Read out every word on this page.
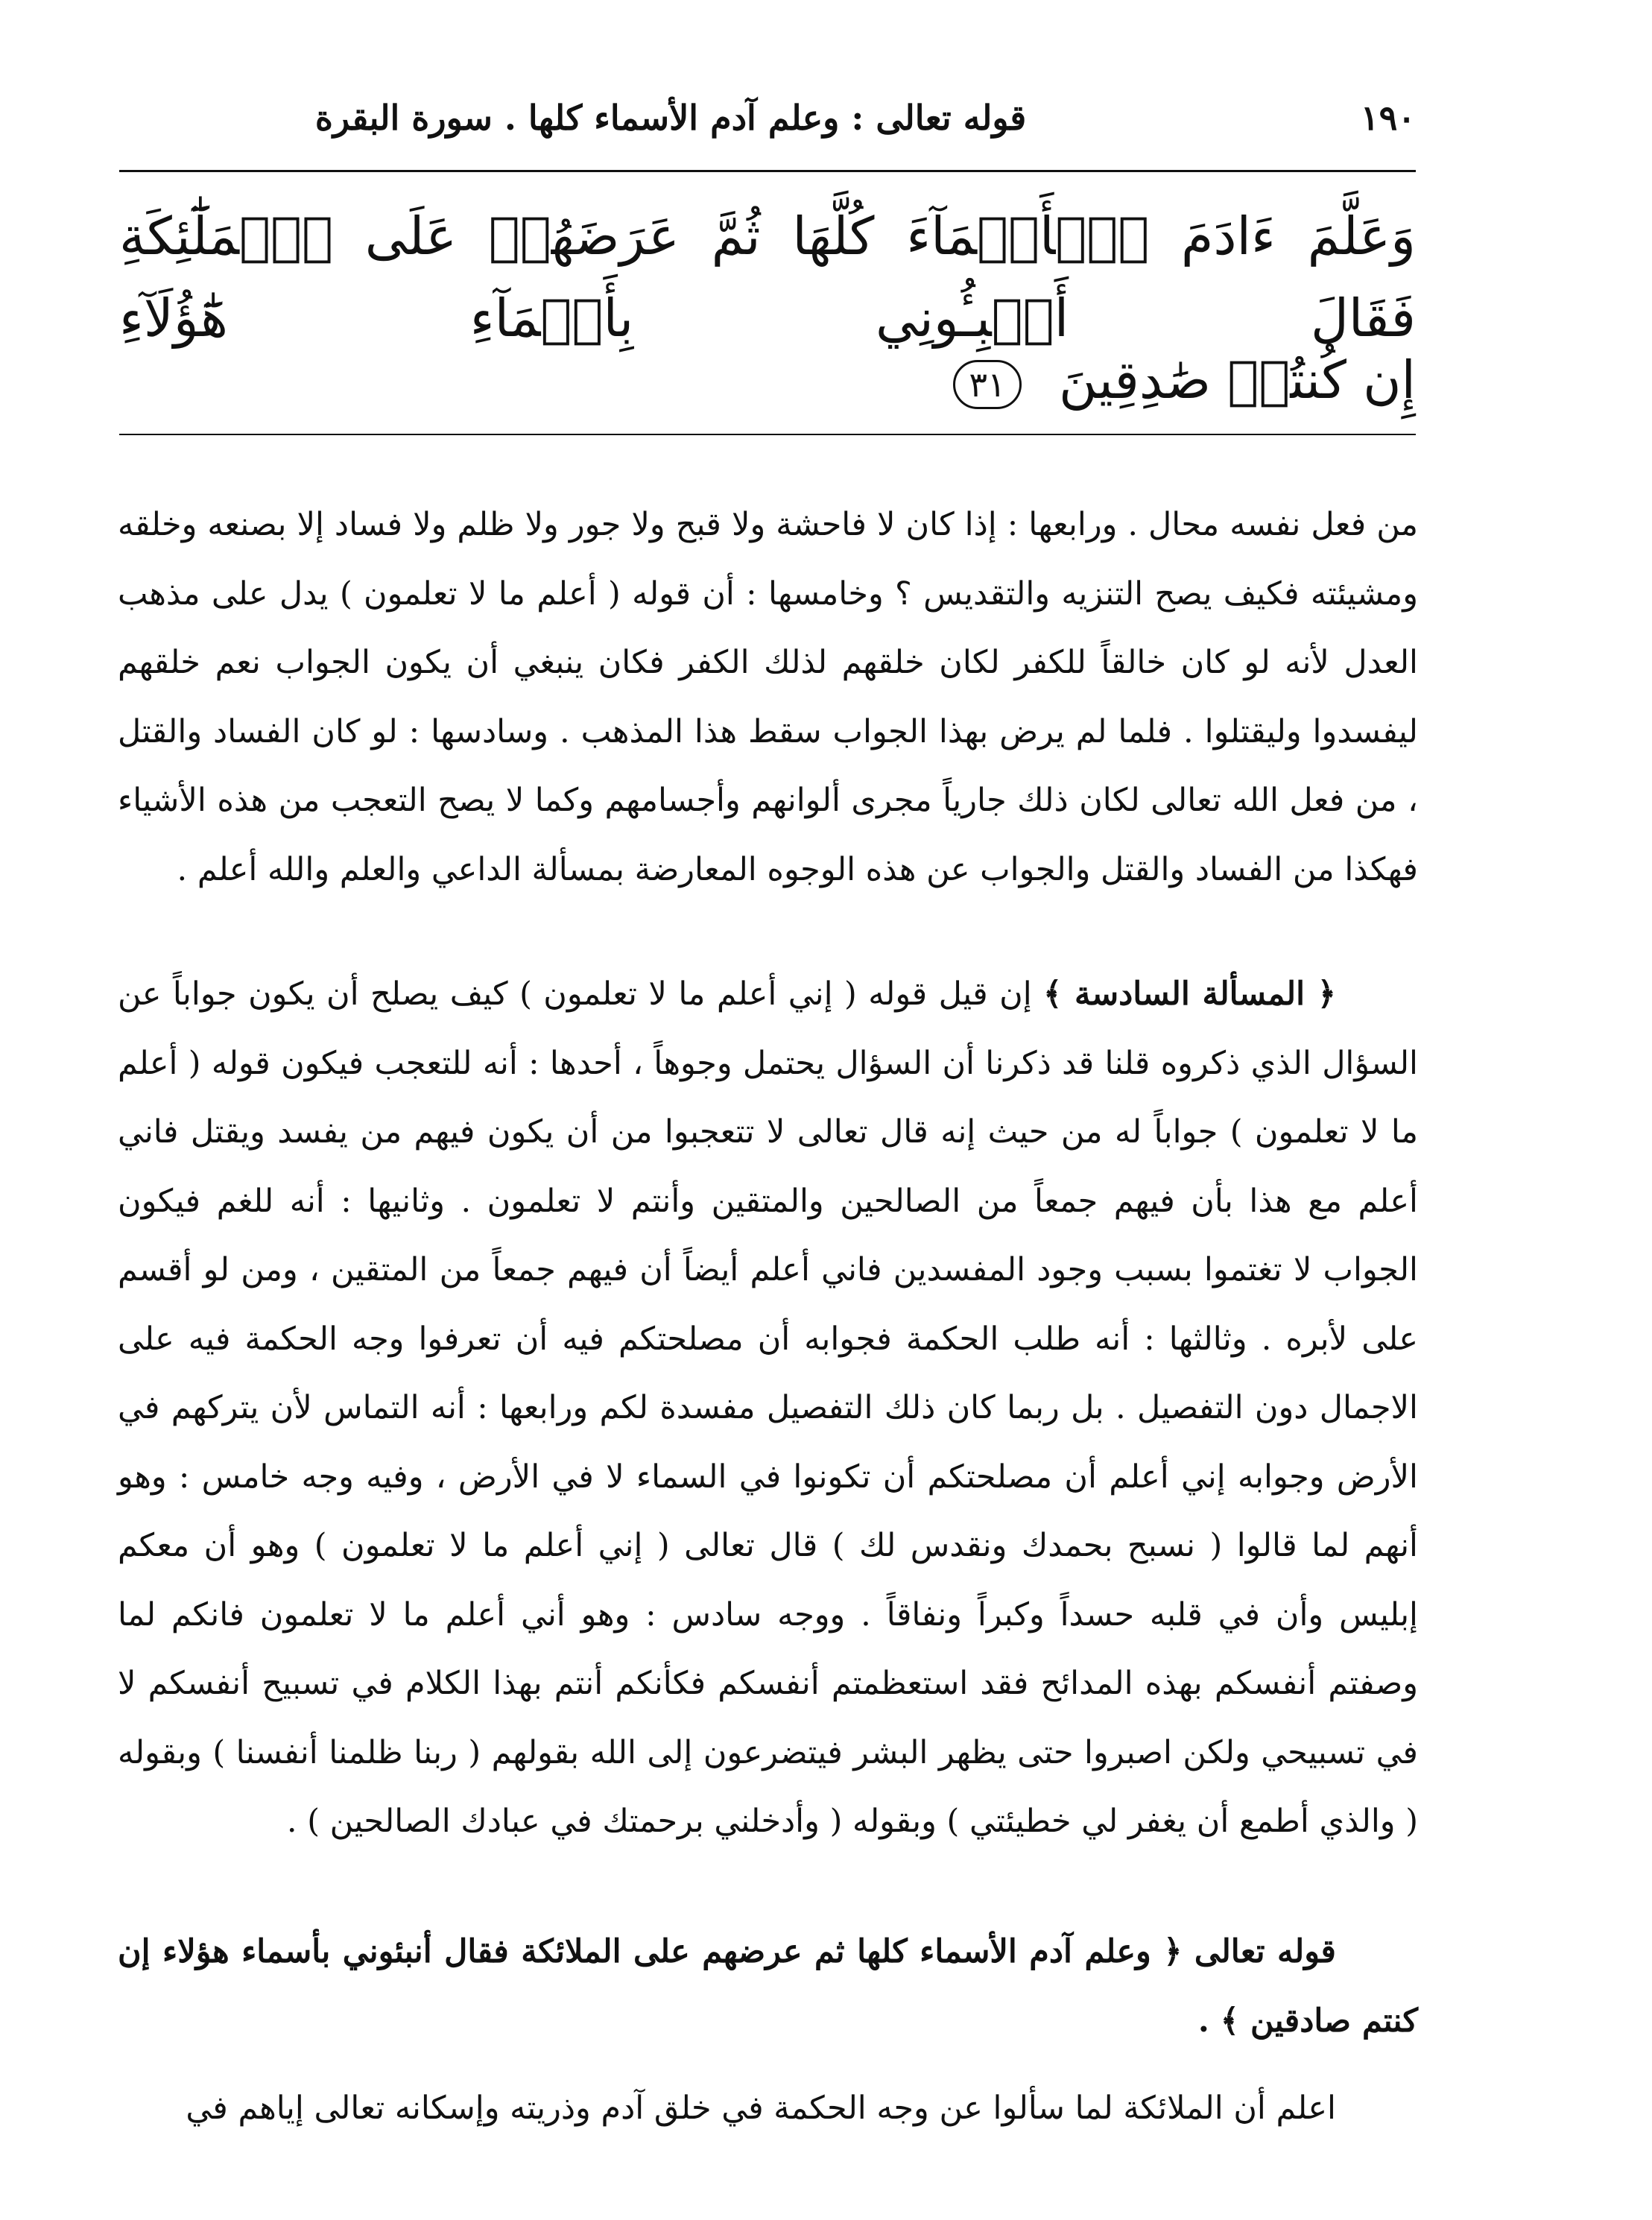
١٩٠
قوله تعالى : وعلم آدم الأسماء كلها . سورة البقرة
وَعَلَّمَ ءَادَمَ ٱلۡأَسۡمَآءَ كُلَّهَا ثُمَّ عَرَضَهُمۡ عَلَى ٱلۡمَلَٰٓئِكَةِ فَقَالَ أَنۢبِـُٔونِي بِأَسۡمَآءِ هَٰٓؤُلَآءِ
إِن كُنتُمۡ صَٰدِقِينَ ٣١

من فعل نفسه محال . ورابعها : إذا كان لا فاحشة ولا قبح ولا جور ولا ظلم ولا فساد إلا بصنعه وخلقه ومشيئته فكيف يصح التنزيه والتقديس ؟ وخامسها : أن قوله ( أعلم ما لا تعلمون ) يدل على مذهب العدل لأنه لو كان خالقاً للكفر لكان خلقهم لذلك الكفر فكان ينبغي أن يكون الجواب نعم خلقهم ليفسدوا وليقتلوا . فلما لم يرض بهذا الجواب سقط هذا المذهب . وسادسها : لو كان الفساد والقتل ، من فعل الله تعالى لكان ذلك جارياً مجرى ألوانهم وأجسامهم وكما لا يصح التعجب من هذه الأشياء فهكذا من الفساد والقتل والجواب عن هذه الوجوه المعارضة بمسألة الداعي والعلم والله أعلم .

﴿ المسألة السادسة ﴾ إن قيل قوله ( إني أعلم ما لا تعلمون ) كيف يصلح أن يكون جواباً عن السؤال الذي ذكروه قلنا قد ذكرنا أن السؤال يحتمل وجوهاً ، أحدها : أنه للتعجب فيكون قوله ( أعلم ما لا تعلمون ) جواباً له من حيث إنه قال تعالى لا تتعجبوا من أن يكون فيهم من يفسد ويقتل فاني أعلم مع هذا بأن فيهم جمعاً من الصالحين والمتقين وأنتم لا تعلمون . وثانيها : أنه للغم فيكون الجواب لا تغتموا بسبب وجود المفسدين فاني أعلم أيضاً أن فيهم جمعاً من المتقين ، ومن لو أقسم على لأبره . وثالثها : أنه طلب الحكمة فجوابه أن مصلحتكم فيه أن تعرفوا وجه الحكمة فيه على الاجمال دون التفصيل . بل ربما كان ذلك التفصيل مفسدة لكم ورابعها : أنه التماس لأن يتركهم في الأرض وجوابه إني أعلم أن مصلحتكم أن تكونوا في السماء لا في الأرض ، وفيه وجه خامس : وهو أنهم لما قالوا ( نسبح بحمدك ونقدس لك ) قال تعالى ( إني أعلم ما لا تعلمون ) وهو أن معكم إبليس وأن في قلبه حسداً وكبراً ونفاقاً . ووجه سادس : وهو أني أعلم ما لا تعلمون فانكم لما وصفتم أنفسكم بهذه المدائح فقد استعظمتم أنفسكم فكأنكم أنتم بهذا الكلام في تسبيح أنفسكم لا في تسبيحي ولكن اصبروا حتى يظهر البشر فيتضرعون إلى الله بقولهم ( ربنا ظلمنا أنفسنا ) وبقوله ( والذي أطمع أن يغفر لي خطيئتي ) وبقوله ( وأدخلني برحمتك في عبادك الصالحين ) .

قوله تعالى ﴿ وعلم آدم الأسماء كلها ثم عرضهم على الملائكة فقال أنبئوني بأسماء هؤلاء إن كنتم صادقين ﴾ .

اعلم أن الملائكة لما سألوا عن وجه الحكمة في خلق آدم وذريته وإسكانه تعالى إياهم في
